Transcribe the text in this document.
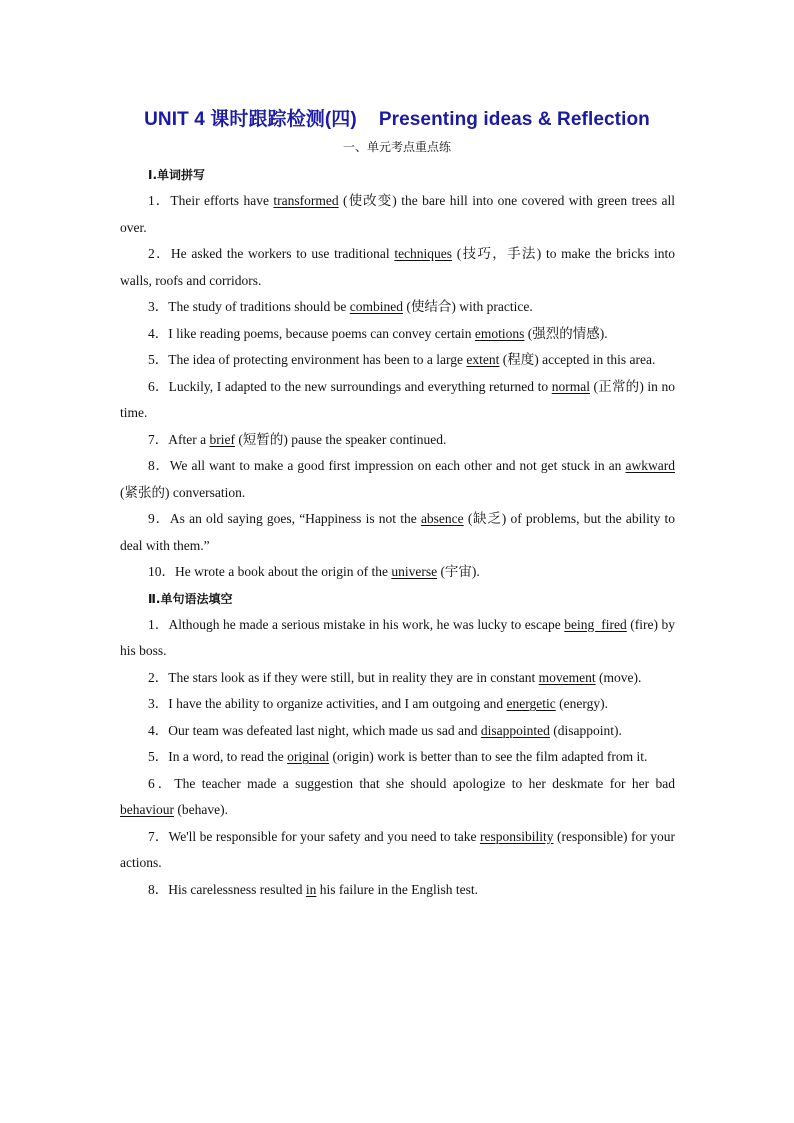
UNIT 4 课时跟踪检测(四) Presenting ideas & Reflection
一、单元考点重点练
Ⅰ.单词拼写

1．Their efforts have transformed (使改变) the bare hill into one covered with green trees all over.

2．He asked the workers to use traditional techniques (技巧，手法) to make the bricks into walls, roofs and corridors.

3．The study of traditions should be combined (使结合) with practice.

4．I like reading poems, because poems can convey certain emotions (强烈的情感).

5．The idea of protecting environment has been to a large extent (程度) accepted in this area.

6．Luckily, I adapted to the new surroundings and everything returned to normal (正常的) in no time.

7．After a brief (短暂的) pause the speaker continued.

8．We all want to make a good first impression on each other and not get stuck in an awkward (紧张的) conversation.

9．As an old saying goes, “Happiness is not the absence (缺乏) of problems, but the ability to deal with them.”

10．He wrote a book about the origin of the universe (宇宙).

Ⅱ.单句语法填空

1．Although he made a serious mistake in his work, he was lucky to escape being  fired (fire) by his boss.

2．The stars look as if they were still, but in reality they are in constant movement (move).

3．I have the ability to organize activities, and I am outgoing and energetic (energy).

4．Our team was defeated last night, which made us sad and disappointed (disappoint).

5．In a word, to read the original (origin) work is better than to see the film adapted from it.

6．The teacher made a suggestion that she should apologize to her deskmate for her bad behaviour (behave).

7．We'll be responsible for your safety and you need to take responsibility (responsible) for your actions.

8．His carelessness resulted in his failure in the English test.
